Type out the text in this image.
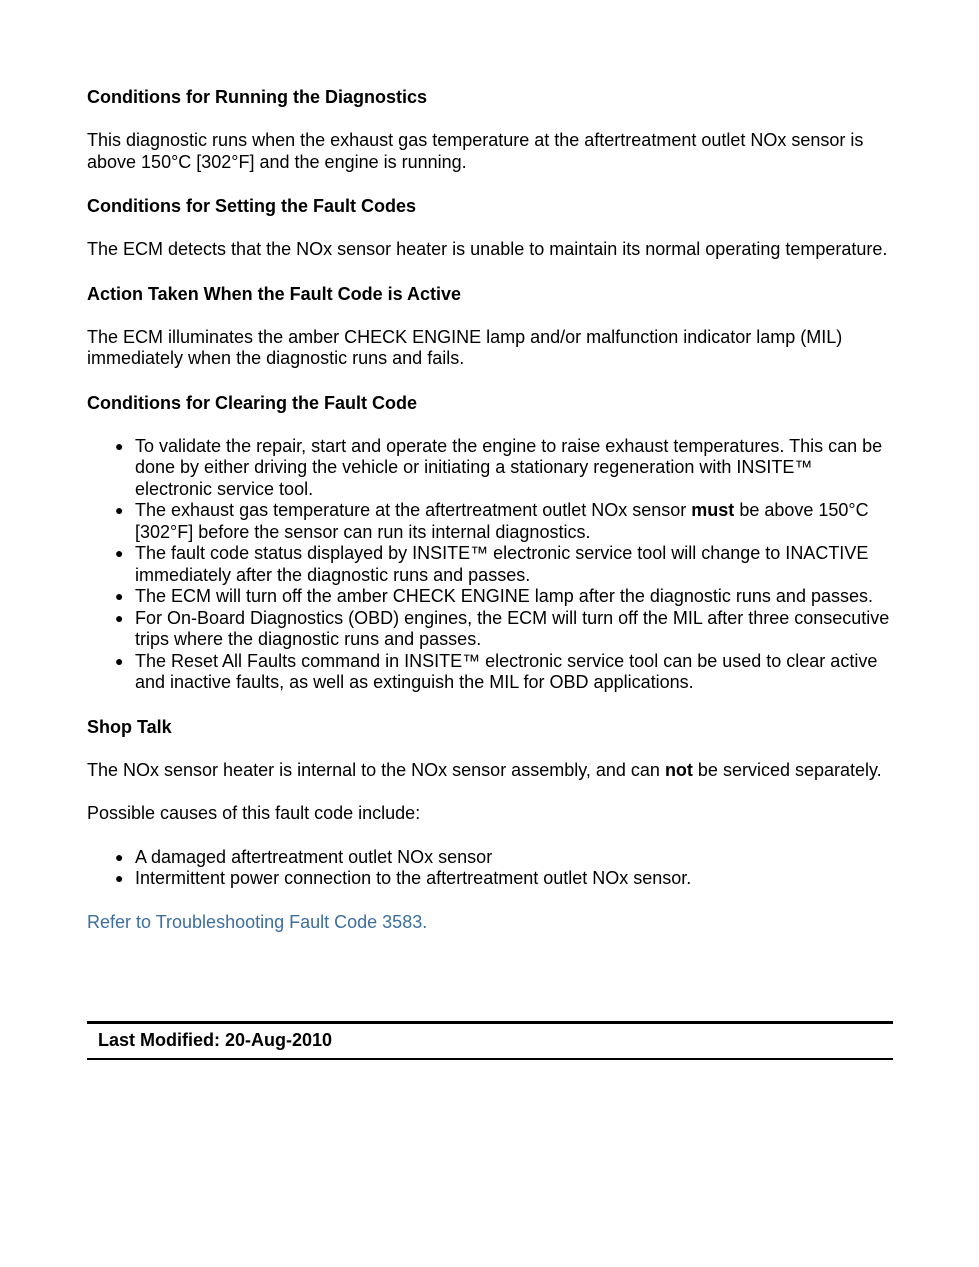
Conditions for Running the Diagnostics

This diagnostic runs when the exhaust gas temperature at the aftertreatment outlet NOx sensor is above 150°C [302°F] and the engine is running.

Conditions for Setting the Fault Codes

The ECM detects that the NOx sensor heater is unable to maintain its normal operating temperature.

Action Taken When the Fault Code is Active

The ECM illuminates the amber CHECK ENGINE lamp and/or malfunction indicator lamp (MIL) immediately when the diagnostic runs and fails.

Conditions for Clearing the Fault Code
● To validate the repair, start and operate the engine to raise exhaust temperatures. This can be done by either driving the vehicle or initiating a stationary regeneration with INSITE™ electronic service tool.
● The exhaust gas temperature at the aftertreatment outlet NOx sensor must be above 150°C [302°F] before the sensor can run its internal diagnostics.
● The fault code status displayed by INSITE™ electronic service tool will change to INACTIVE immediately after the diagnostic runs and passes.
● The ECM will turn off the amber CHECK ENGINE lamp after the diagnostic runs and passes.
● For On-Board Diagnostics (OBD) engines, the ECM will turn off the MIL after three consecutive trips where the diagnostic runs and passes.
● The Reset All Faults command in INSITE™ electronic service tool can be used to clear active and inactive faults, as well as extinguish the MIL for OBD applications.
Shop Talk

The NOx sensor heater is internal to the NOx sensor assembly, and can not be serviced separately.

Possible causes of this fault code include:

● A damaged aftertreatment outlet NOx sensor
● Intermittent power connection to the aftertreatment outlet NOx sensor.
Refer to Troubleshooting Fault Code 3583.
Last Modified: 20-Aug-2010
